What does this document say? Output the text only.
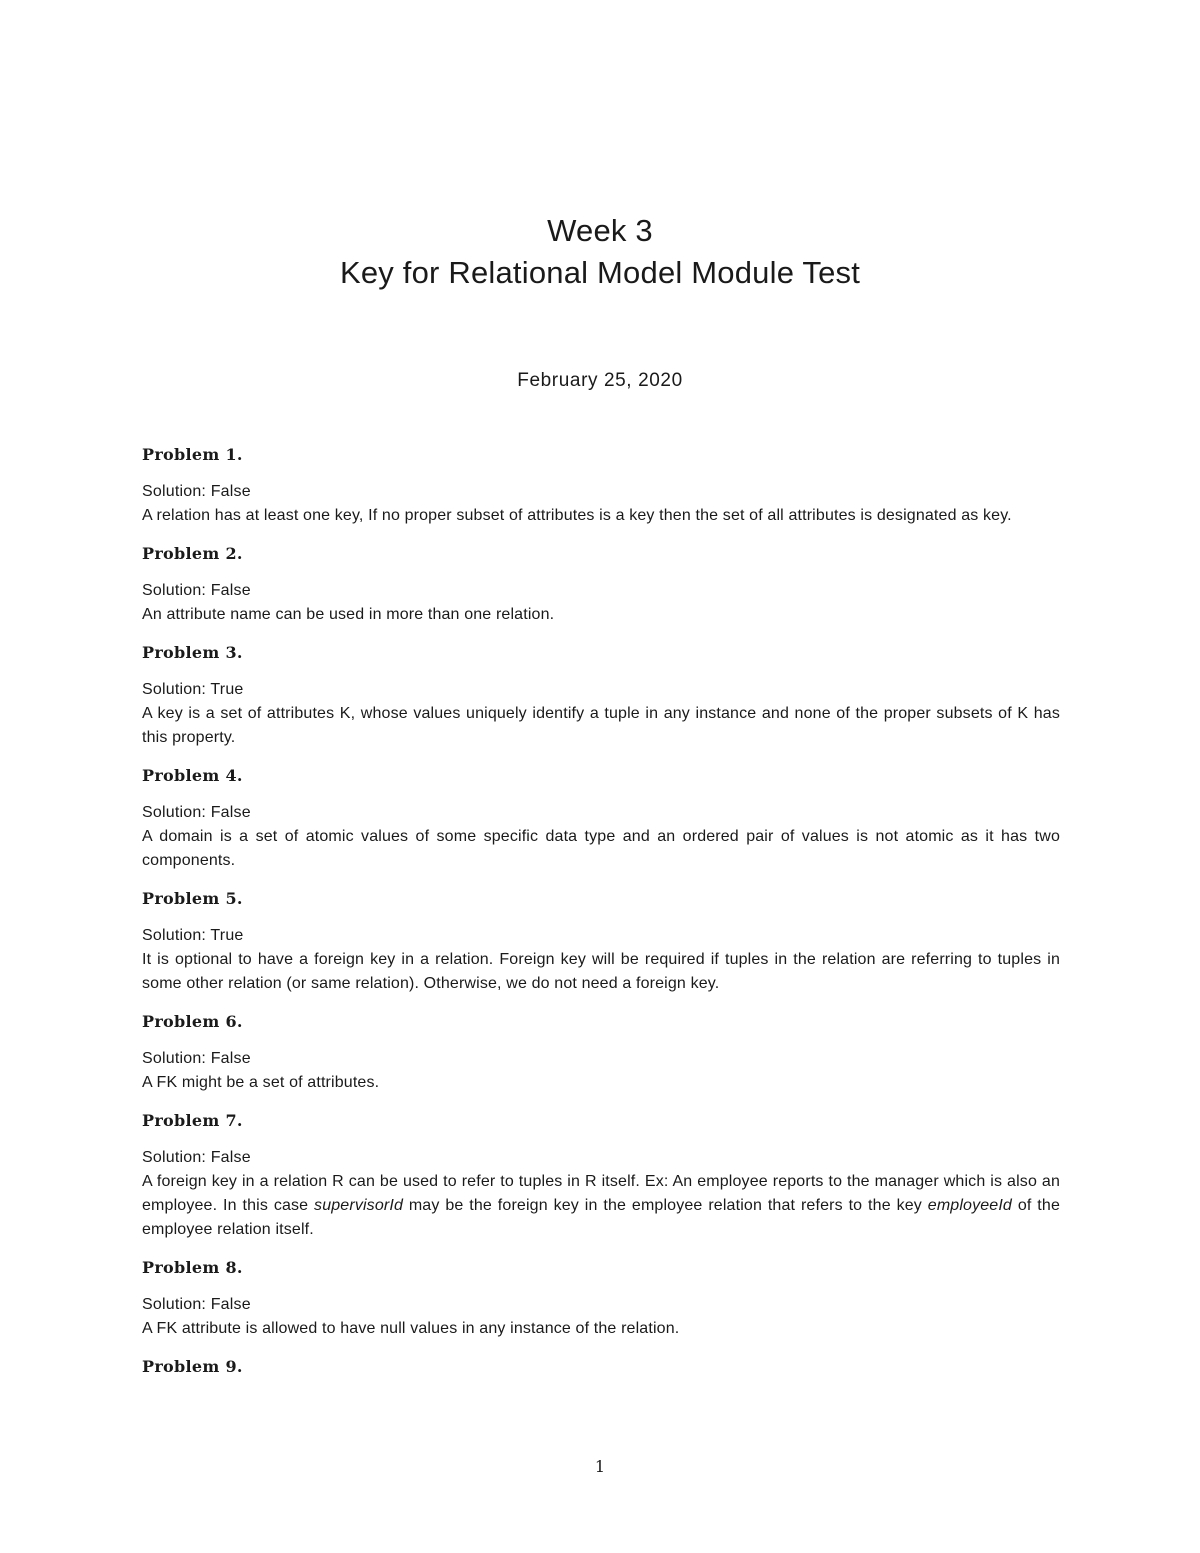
Week 3
Key for Relational Model Module Test
February 25, 2020
Problem 1.
Solution: False
A relation has at least one key, If no proper subset of attributes is a key then the set of all attributes is designated as key.
Problem 2.
Solution: False
An attribute name can be used in more than one relation.
Problem 3.
Solution: True
A key is a set of attributes K, whose values uniquely identify a tuple in any instance and none of the proper subsets of K has this property.
Problem 4.
Solution: False
A domain is a set of atomic values of some specific data type and an ordered pair of values is not atomic as it has two components.
Problem 5.
Solution: True
It is optional to have a foreign key in a relation. Foreign key will be required if tuples in the relation are referring to tuples in some other relation (or same relation). Otherwise, we do not need a foreign key.
Problem 6.
Solution: False
A FK might be a set of attributes.
Problem 7.
Solution: False
A foreign key in a relation R can be used to refer to tuples in R itself. Ex: An employee reports to the manager which is also an employee. In this case supervisorId may be the foreign key in the employee relation that refers to the key employeeId of the employee relation itself.
Problem 8.
Solution: False
A FK attribute is allowed to have null values in any instance of the relation.
Problem 9.
1
